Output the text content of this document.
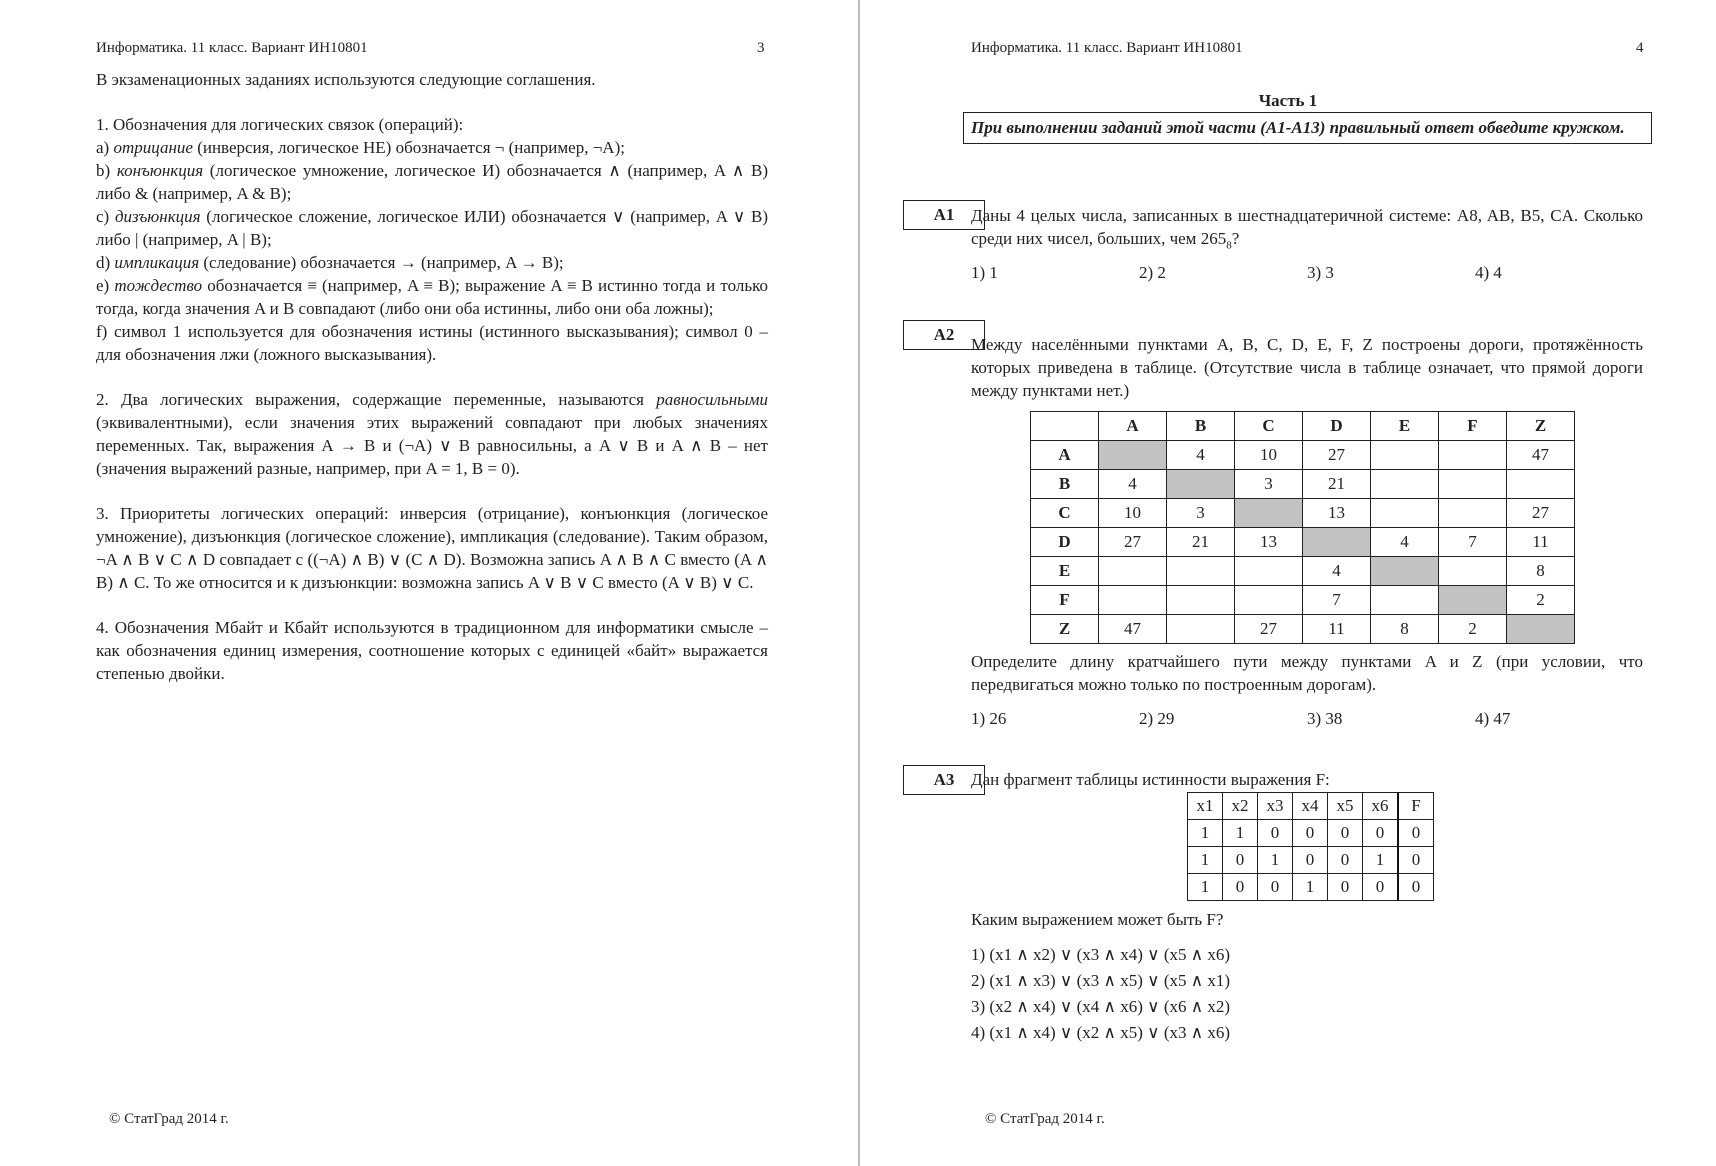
Информатика. 11 класс. Вариант ИН10801	3

В экзаменационных заданиях используются следующие соглашения.

1. Обозначения для логических связок (операций):

a) отрицание (инверсия, логическое НЕ) обозначается ¬ (например, ¬A);

b) конъюнкция (логическое умножение, логическое И) обозначается ∧ (например, A ∧ B) либо & (например, A & B);

c) дизъюнкция (логическое сложение, логическое ИЛИ) обозначается ∨ (например, A ∨ B) либо | (например, A | B);

d) импликация (следование) обозначается → (например, A → B);

e) тождество обозначается ≡ (например, A ≡ B); выражение A ≡ B истинно тогда и только тогда, когда значения A и B совпадают (либо они оба истинны, либо они оба ложны);

f) символ 1 используется для обозначения истины (истинного высказывания); символ 0 – для обозначения лжи (ложного высказывания).

2. Два логических выражения, содержащие переменные, называются равносильными (эквивалентными), если значения этих выражений совпадают при любых значениях переменных. Так, выражения A → B и (¬A) ∨ B равносильны, а A ∨ B и A ∧ B – нет (значения выражений разные, например, при A = 1, B = 0).

3. Приоритеты логических операций: инверсия (отрицание), конъюнкция (логическое умножение), дизъюнкция (логическое сложение), импликация (следование). Таким образом, ¬A ∧ B ∨ C ∧ D совпадает с ((¬A) ∧ B) ∨ (C ∧ D). Возможна запись A ∧ B ∧ C вместо (A ∧ B) ∧ C. То же относится и к дизъюнкции: возможна запись A ∨ B ∨ C вместо (A ∨ B) ∨ C.

4. Обозначения Мбайт и Кбайт используются в традиционном для информатики смысле – как обозначения единиц измерения, соотношение которых с единицей «байт» выражается степенью двойки.

© СтатГрад 2014 г.
Информатика. 11 класс. Вариант ИН10801	4
Часть 1
При выполнении заданий этой части (А1-А13) правильный ответ обведите кружком.
А1 Даны 4 целых числа, записанных в шестнадцатеричной системе: A8, AB, B5, CA. Сколько среди них чисел, больших, чем $265_8$?

1) 1	2) 2	3) 3	4) 4
А2
Между населёнными пунктами A, B, C, D, E, F, Z построены дороги, протяжённость которых приведена в таблице. (Отсутствие числа в таблице означает, что прямой дороги между пунктами нет.)
	A	B	C	D	E	F	Z
A		4	10	27			47
B	4		3	21			
C	10	3		13			27
D	27	21	13		4	7	11
E				4			8
F				7			2
Z	47		27	11	8	2	
Определите длину кратчайшего пути между пунктами A и Z (при условии, что передвигаться можно только по построенным дорогам).
1) 26	2) 29	3) 38	4) 47
А3 Дан фрагмент таблицы истинности выражения F:
x1	x2	x3	x4	x5	x6	F
1	1	0	0	0	0	0
1	0	1	0	0	1	0
1	0	0	1	0	0	0
Каким выражением может быть F?
1) (x1 ∧ x2) ∨ (x3 ∧ x4) ∨ (x5 ∧ x6)
2) (x1 ∧ x3) ∨ (x3 ∧ x5) ∨ (x5 ∧ x1)
3) (x2 ∧ x4) ∨ (x4 ∧ x6) ∨ (x6 ∧ x2)
4) (x1 ∧ x4) ∨ (x2 ∧ x5) ∨ (x3 ∧ x6)
© СтатГрад 2014 г.
